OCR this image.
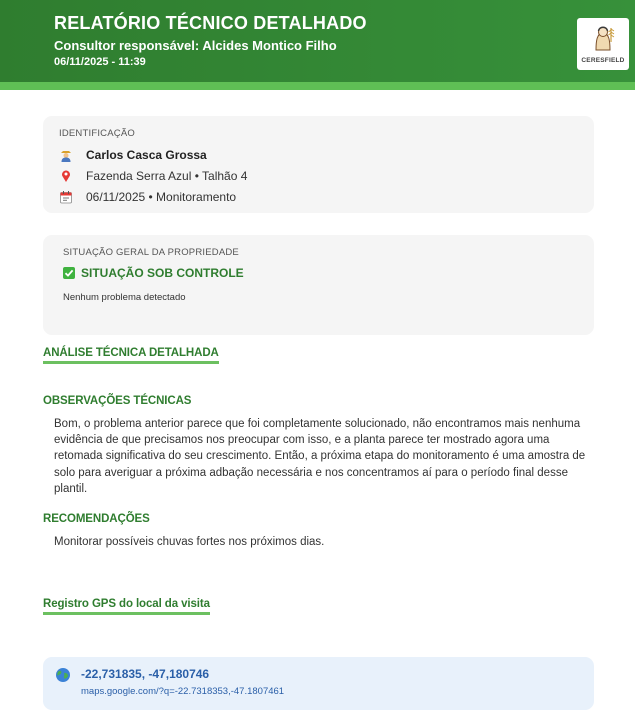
RELATÓRIO TÉCNICO DETALHADO
Consultor responsável: Alcides Montico Filho
06/11/2025 - 11:39	CERESFIELD
IDENTIFICAÇÃO
Carlos Casca Grossa
Fazenda Serra Azul • Talhão 4
06/11/2025 • Monitoramento
SITUAÇÃO GERAL DA PROPRIEDADE
SITUAÇÃO SOB CONTROLE
Nenhum problema detectado
ANÁLISE TÉCNICA DETALHADA
OBSERVAÇÕES TÉCNICAS
Bom, o problema anterior parece que foi completamente solucionado, não encontramos mais nenhuma evidência de que precisamos nos preocupar com isso, e a planta parece ter mostrado agora uma retomada significativa do seu crescimento. Então, a próxima etapa do monitoramento é uma amostra de solo para averiguar a próxima adbação necessária e nos concentramos aí para o período final desse plantil.
RECOMENDAÇÕES
Monitorar possíveis chuvas fortes nos próximos dias.
Registro GPS do local da visita
-22,731835, -47,180746
maps.google.com/?q=-22.7318353,-47.1807461
